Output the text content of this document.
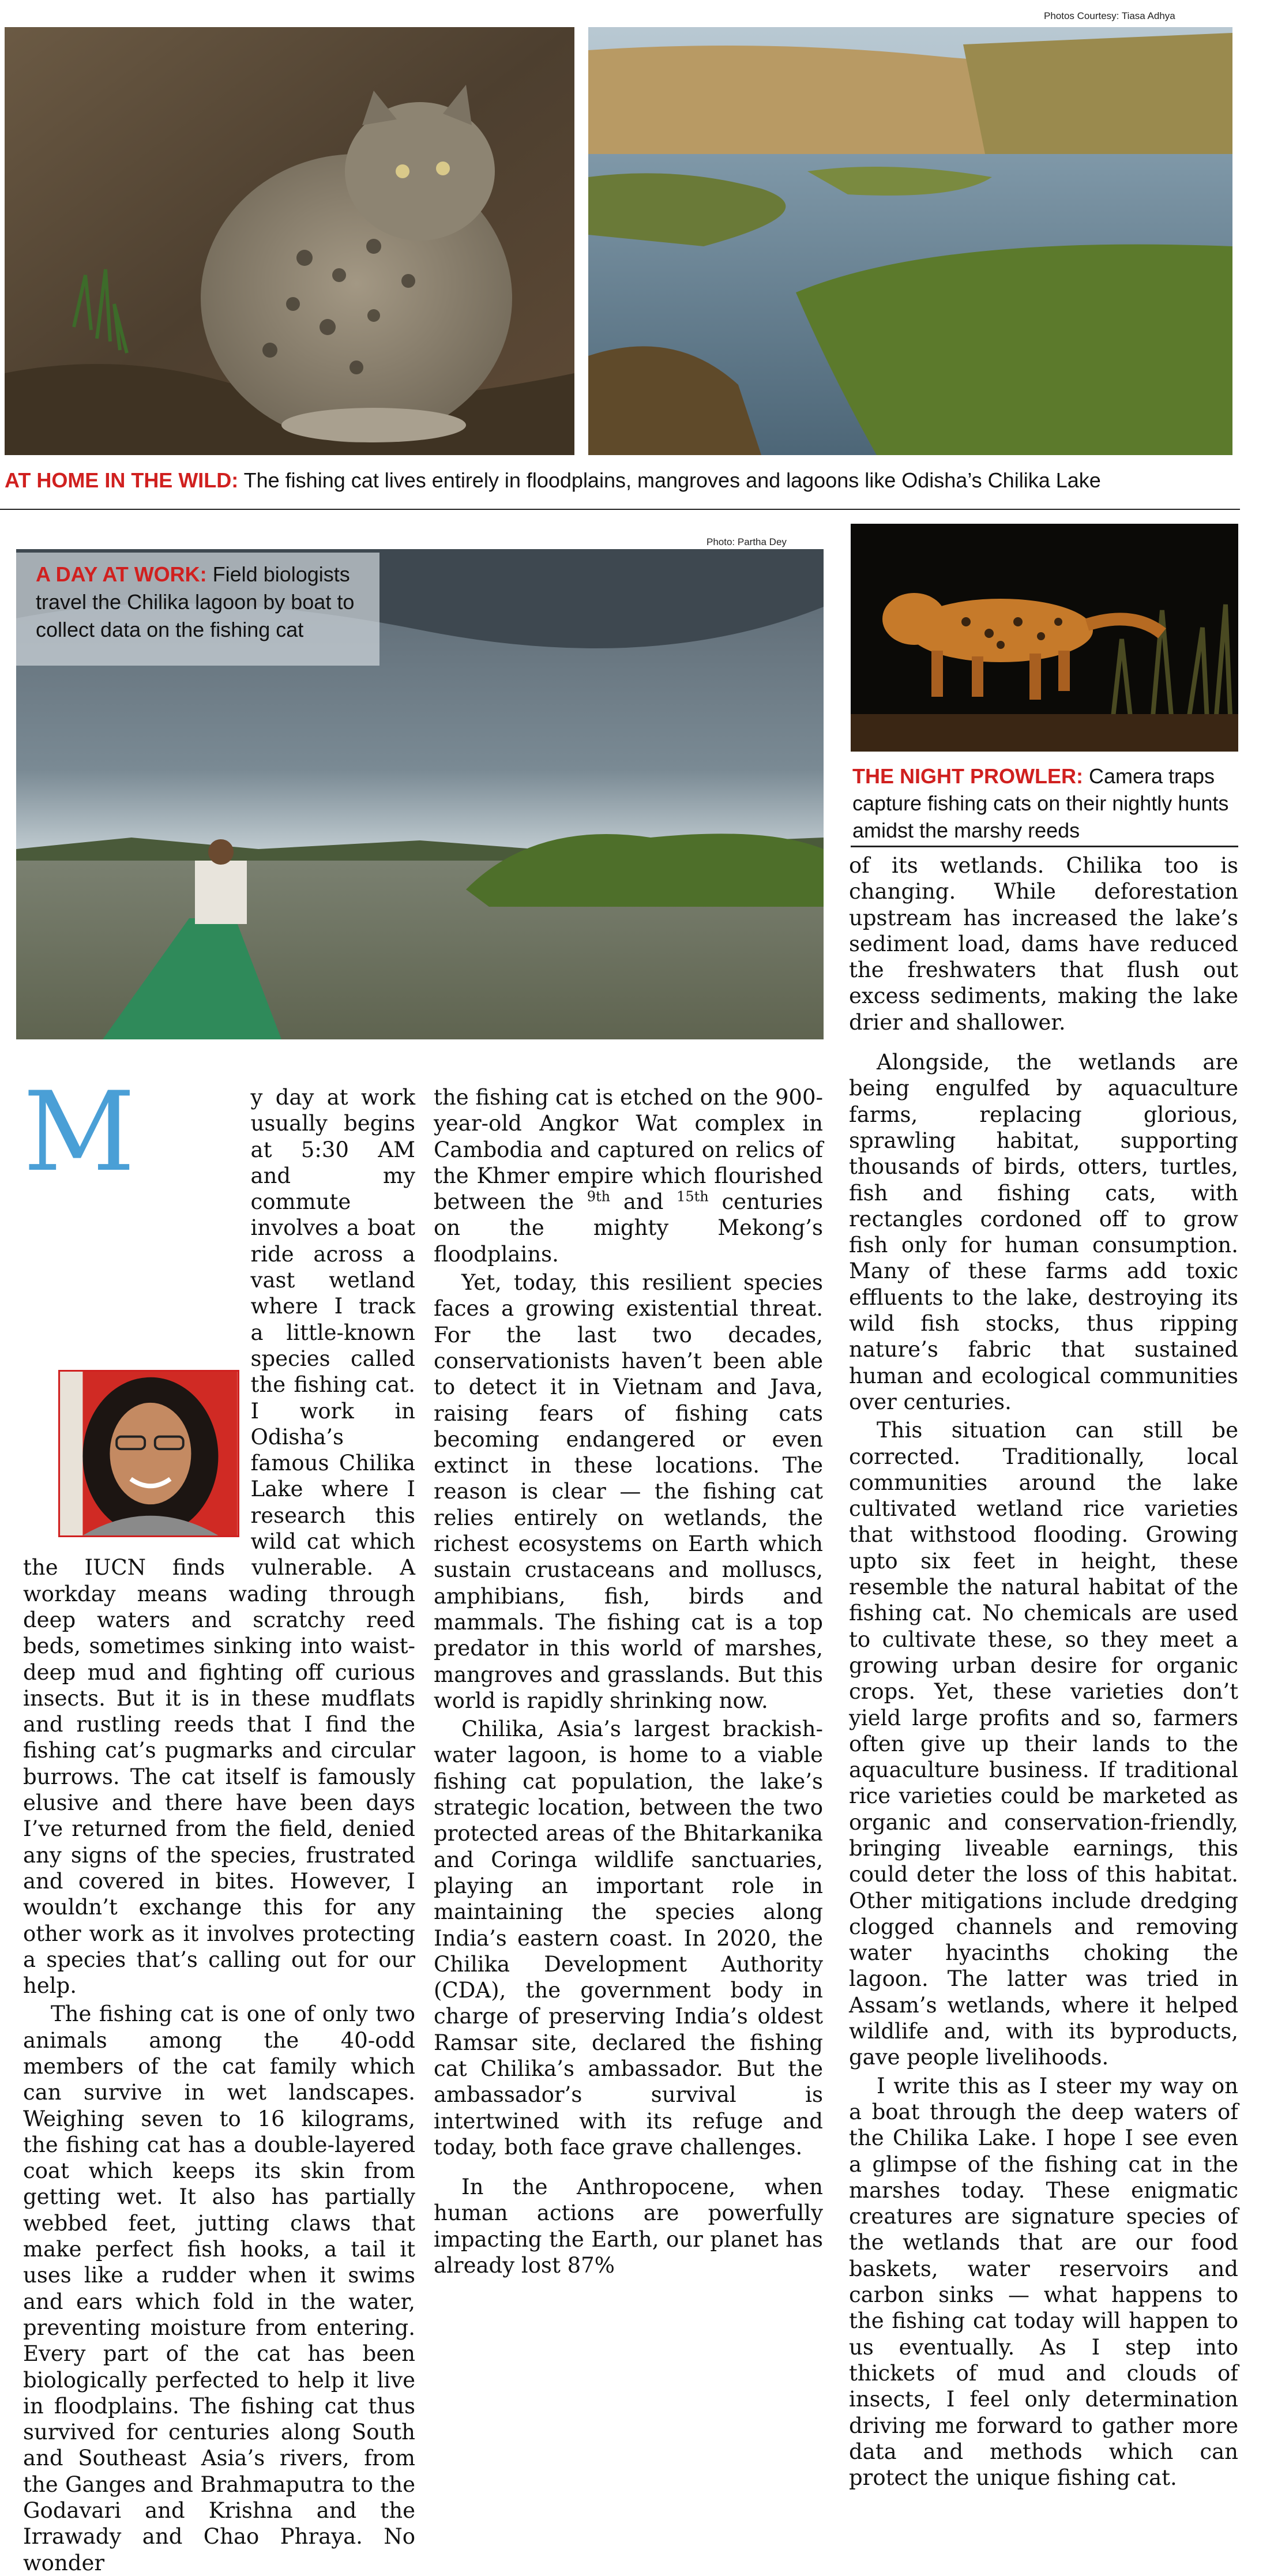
Photos Courtesy: Tiasa Adhya
Photo: Partha Dey
AT HOME IN THE WILD: The fishing cat lives entirely in floodplains, mangroves and lagoons like Odisha’s Chilika Lake
A DAY AT WORK: Field biologists travel the Chilika lagoon by boat to collect data on the fishing cat
THE NIGHT PROWLER: Camera traps capture fishing cats on their nightly hunts amidst the marshy reeds

M	y day at work usually begins at 5:30 AM and my commute involves a boat ride across a vast wetland where I track a little-known species called the fishing cat. I work in Odisha’s famous Chilika Lake where I research this wild cat which the IUCN finds vulnerable. A workday means wading through deep waters and scratchy reed beds, sometimes sinking into waist-deep mud and fighting off curious insects. But it is in these mudflats and rustling reeds that I find the fishing cat’s pugmarks and circular burrows. The cat itself is famously elusive and there have been days I’ve returned from the field, denied any signs of the species, frustrated and covered in bites. However, I wouldn’t exchange this for any other work as it involves protecting a species that’s calling out for our help.

The fishing cat is one of only two animals among the 40-odd members of the cat family which can survive in wet landscapes. Weighing seven to 16 kilograms, the fishing cat has a double-layered coat which keeps its skin from getting wet. It also has partially webbed feet, jutting claws that make perfect fish hooks, a tail it uses like a rudder when it swims and ears which fold in the water, preventing moisture from entering. Every part of the cat has been biologically perfected to help it live in floodplains. The fishing cat thus survived for centuries along South and Southeast Asia’s rivers, from the Ganges and Brahmaputra to the Godavari and Krishna and the Irrawady and Chao Phraya. No wonder

the fishing cat is etched on the 900-year-old Angkor Wat complex in Cambodia and captured on relics of the Khmer empire which flourished between the $^{9th}$ and $^{15th}$ centuries on the mighty Mekong’s floodplains.

Yet, today, this resilient species faces a growing existential threat. For the last two decades, conservationists haven’t been able to detect it in Vietnam and Java, raising fears of fishing cats becoming endangered or even extinct in these locations. The reason is clear — the fishing cat relies entirely on wetlands, the richest ecosystems on Earth which sustain crustaceans and molluscs, amphibians, fish, birds and mammals. The fishing cat is a top predator in this world of marshes, mangroves and grasslands. But this world is rapidly shrinking now.

Chilika, Asia’s largest brackish-water lagoon, is home to a viable fishing cat population, the lake’s strategic location, between the two protected areas of the Bhitarkanika and Coringa wildlife sanctuaries, playing an important role in maintaining the species along India’s eastern coast. In 2020, the Chilika Development Authority (CDA), the government body in charge of preserving India’s oldest Ramsar site, declared the fishing cat Chilika’s ambassador. But the ambassador’s survival is intertwined with its refuge and today, both face grave challenges.

In the Anthropocene, when human actions are powerfully impacting the Earth, our planet has already lost 87%

of its wetlands. Chilika too is changing. While deforestation upstream has increased the lake’s sediment load, dams have reduced the freshwaters that flush out excess sediments, making the lake drier and shallower.

Alongside, the wetlands are being engulfed by aquaculture farms, replacing glorious, sprawling habitat, supporting thousands of birds, otters, turtles, fish and fishing cats, with rectangles cordoned off to grow fish only for human consumption. Many of these farms add toxic effluents to the lake, destroying its wild fish stocks, thus ripping nature’s fabric that sustained human and ecological communities over centuries.

This situation can still be corrected. Traditionally, local communities around the lake cultivated wetland rice varieties that withstood flooding. Growing upto six feet in height, these resemble the natural habitat of the fishing cat. No chemicals are used to cultivate these, so they meet a growing urban desire for organic crops. Yet, these varieties don’t yield large profits and so, farmers often give up their lands to the aquaculture business. If traditional rice varieties could be marketed as organic and conservation-friendly, bringing liveable earnings, this could deter the loss of this habitat. Other mitigations include dredging clogged channels and removing water hyacinths choking the lagoon. The latter was tried in Assam’s wetlands, where it helped wildlife and, with its byproducts, gave people livelihoods.

I write this as I steer my way on a boat through the deep waters of the Chilika Lake. I hope I see even a glimpse of the fishing cat in the marshes today. These enigmatic creatures are signature species of the wetlands that are our food baskets, water reservoirs and carbon sinks — what happens to the fishing cat today will happen to us eventually. As I step into thickets of mud and clouds of insects, I feel only determination driving me forward to gather more data and methods which can protect the unique fishing cat.
